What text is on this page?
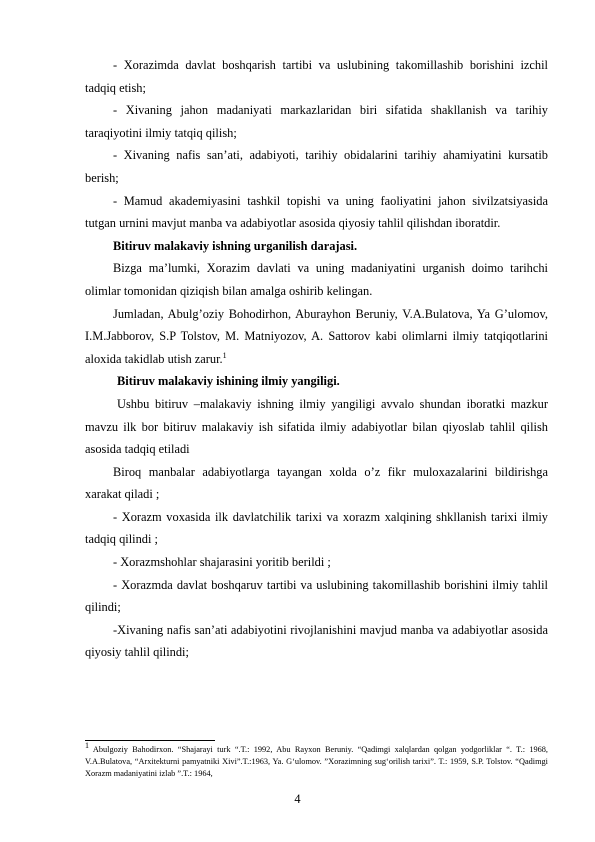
- Xorazimda davlat boshqarish tartibi va uslubining takomillashib borishini izchil tadqiq etish;

- Xivaning jahon madaniyati markazlaridan biri sifatida shakllanish va tarihiy taraqiyotini ilmiy tatqiq qilish;

- Xivaning nafis san’ati, adabiyoti, tarihiy obidalarini tarihiy ahamiyatini kursatib berish;

- Mamud akademiyasini tashkil topishi va uning faoliyatini jahon sivilzatsiyasida tutgan urnini mavjut manba va adabiyotlar asosida qiyosiy tahlil qilishdan iboratdir.

Bitiruv malakaviy ishning urganilish darajasi.

Bizga ma’lumki, Xorazim davlati va uning madaniyatini urganish doimo tarihchi olimlar tomonidan qiziqish bilan amalga oshirib kelingan.

Jumladan, Abulg’oziy Bohodirhon, Aburayhon Beruniy, V.A.Bulatova, Ya G’ulomov, I.M.Jabborov, S.P Tolstov, M. Matniyozov, A. Sattorov kabi olimlarni ilmiy tatqiqotlarini aloxida takidlab utish zarur.$^1$

Bitiruv malakaviy ishining ilmiy yangiligi.

Ushbu bitiruv –malakaviy ishning ilmiy yangiligi avvalo shundan iboratki mazkur mavzu ilk bor bitiruv malakaviy ish sifatida ilmiy adabiyotlar bilan qiyoslab tahlil qilish asosida tadqiq etiladi

Biroq manbalar adabiyotlarga tayangan xolda o’z fikr muloxazalarini bildirishga xarakat qiladi ;

- Xorazm voxasida ilk davlatchilik tarixi va xorazm xalqining shkllanish tarixi ilmiy tadqiq qilindi ;

- Xorazmshohlar shajarasini yoritib berildi ;

- Xorazmda davlat boshqaruv tartibi va uslubining takomillashib borishini ilmiy tahlil qilindi;

-Xivaning nafis san’ati adabiyotini rivojlanishini mavjud manba va adabiyotlar asosida qiyosiy tahlil qilindi;

$^1$ Abulgoziy Bahodirxon. “Shajarayi turk “.T.: 1992, Abu Rayxon Beruniy. “Qadimgi xalqlardan qolgan yodgorliklar “. T.: 1968, V.A.Bulatova, “Arxitekturni pamyatniki Xivi”.T.:1963, Ya. G‘ulomov. ”Xorazimning sug‘orilish tarixi”. T.: 1959, S.P. Tolstov. “Qadimgi Xorazm madaniyatini izlab ”.T.: 1964,
4
